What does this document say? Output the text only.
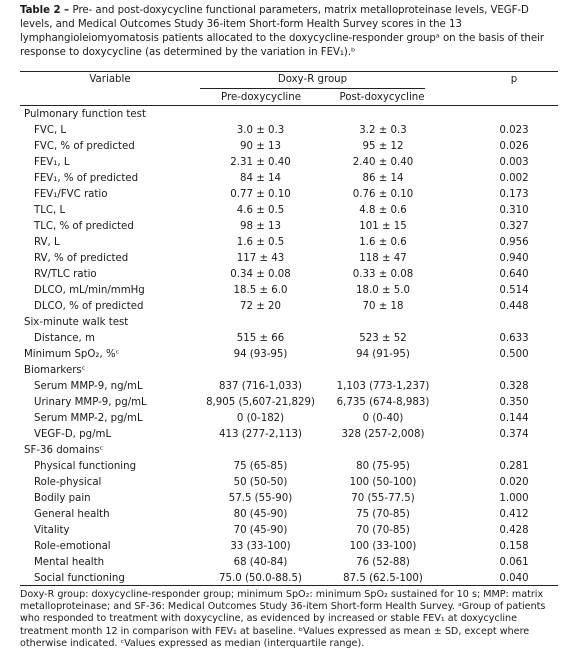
Table 2 – Pre- and post-doxycycline functional parameters, matrix metalloproteinase levels, VEGF-D levels, and Medical Outcomes Study 36-item Short-form Health Survey scores in the 13 lymphangioleiomyomatosis patients allocated to the doxycycline-responder groupᵃ on the basis of their response to doxycycline (as determined by the variation in FEV₁).ᵇ
Variable	Doxy-R group	p
Pre-doxycycline	Post-doxycycline
Pulmonary function test
FVC, L	3.0 ± 0.3	3.2 ± 0.3	0.023
FVC, % of predicted	90 ± 13	95 ± 12	0.026
FEV₁, L	2.31 ± 0.40	2.40 ± 0.40	0.003
FEV₁, % of predicted	84 ± 14	86 ± 14	0.002
FEV₁/FVC ratio	0.77 ± 0.10	0.76 ± 0.10	0.173
TLC, L	4.6 ± 0.5	4.8 ± 0.6	0.310
TLC, % of predicted	98 ± 13	101 ± 15	0.327
RV, L	1.6 ± 0.5	1.6 ± 0.6	0.956
RV, % of predicted	117 ± 43	118 ± 47	0.940
RV/TLC ratio	0.34 ± 0.08	0.33 ± 0.08	0.640
DLCO, mL/min/mmHg	18.5 ± 6.0	18.0 ± 5.0	0.514
DLCO, % of predicted	72 ± 20	70 ± 18	0.448
Six-minute walk test
Distance, m	515 ± 66	523 ± 52	0.633
Minimum SpO₂, %ᶜ	94 (93-95)	94 (91-95)	0.500
Biomarkersᶜ
Serum MMP-9, ng/mL	837 (716-1,033)	1,103 (773-1,237)	0.328
Urinary MMP-9, pg/mL	8,905 (5,607-21,829)	6,735 (674-8,983)	0.350
Serum MMP-2, pg/mL	0 (0-182)	0 (0-40)	0.144
VEGF-D, pg/mL	413 (277-2,113)	328 (257-2,008)	0.374
SF-36 domainsᶜ
Physical functioning	75 (65-85)	80 (75-95)	0.281
Role-physical	50 (50-50)	100 (50-100)	0.020
Bodily pain	57.5 (55-90)	70 (55-77.5)	1.000
General health	80 (45-90)	75 (70-85)	0.412
Vitality	70 (45-90)	70 (70-85)	0.428
Role-emotional	33 (33-100)	100 (33-100)	0.158
Mental health	68 (40-84)	76 (52-88)	0.061
Social functioning	75.0 (50.0-88.5)	87.5 (62.5-100)	0.040
Doxy-R group: doxycycline-responder group; minimum SpO₂: minimum SpO₂ sustained for 10 s; MMP: matrix metalloproteinase; and SF-36: Medical Outcomes Study 36-item Short-form Health Survey. ᵃGroup of patients who responded to treatment with doxycycline, as evidenced by increased or stable FEV₁ at doxycycline treatment month 12 in comparison with FEV₁ at baseline. ᵇValues expressed as mean ± SD, except where otherwise indicated. ᶜValues expressed as median (interquartile range).
